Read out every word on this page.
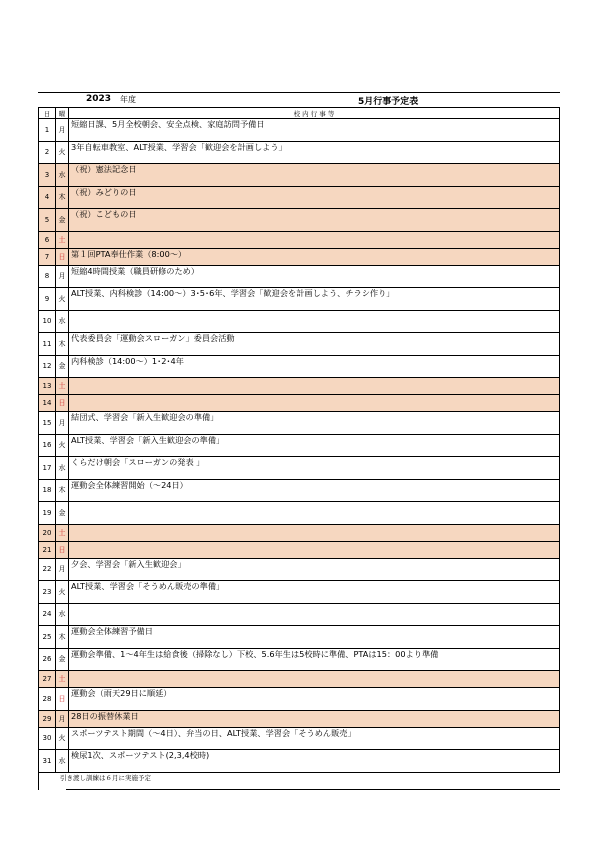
2023 年度	5月行事予定表
日	曜	校 内 行 事 等
1	月	短縮日課、5月全校朝会、安全点検、家庭訪問予備日
2	火	3年自転車教室、ALT授業、学習会「歓迎会を計画しよう」
3	水	（祝）憲法記念日
4	木	（祝）みどりの日
5	金	（祝）こどもの日
6	土	
7	日	第１回PTA奉仕作業（8:00～）
8	月	短縮4時間授業（職員研修のため）
9	火	ALT授業、内科検診（14:00～）3･5･6年、学習会「歓迎会を計画しよう、チラシ作り」
10	水	
11	木	代表委員会「運動会スローガン」委員会活動
12	金	内科検診（14:00～）1･2･4年
13	土	
14	日	
15	月	結団式、学習会「新入生歓迎会の準備」
16	火	ALT授業、学習会「新入生歓迎会の準備」
17	水	くらだけ朝会「スローガンの発表 」
18	木	運動会全体練習開始（～24日）
19	金	
20	土	
21	日	
22	月	夕会、学習会「新入生歓迎会」
23	火	ALT授業、学習会「そうめん販売の準備」
24	水	
25	木	運動会全体練習予備日
26	金	運動会準備、1～4年生は給食後（掃除なし）下校、5.6年生は5校時に準備、PTAは15：00より準備
27	土	
28	日	運動会（雨天29日に順延）
29	月	28日の振替休業日
30	火	スポーツテスト期間（～4日）、弁当の日、ALT授業、学習会「そうめん販売」
31	水	検尿1次、スポーツテスト(2,3,4校時)
引き渡し訓練は６月に実施予定
